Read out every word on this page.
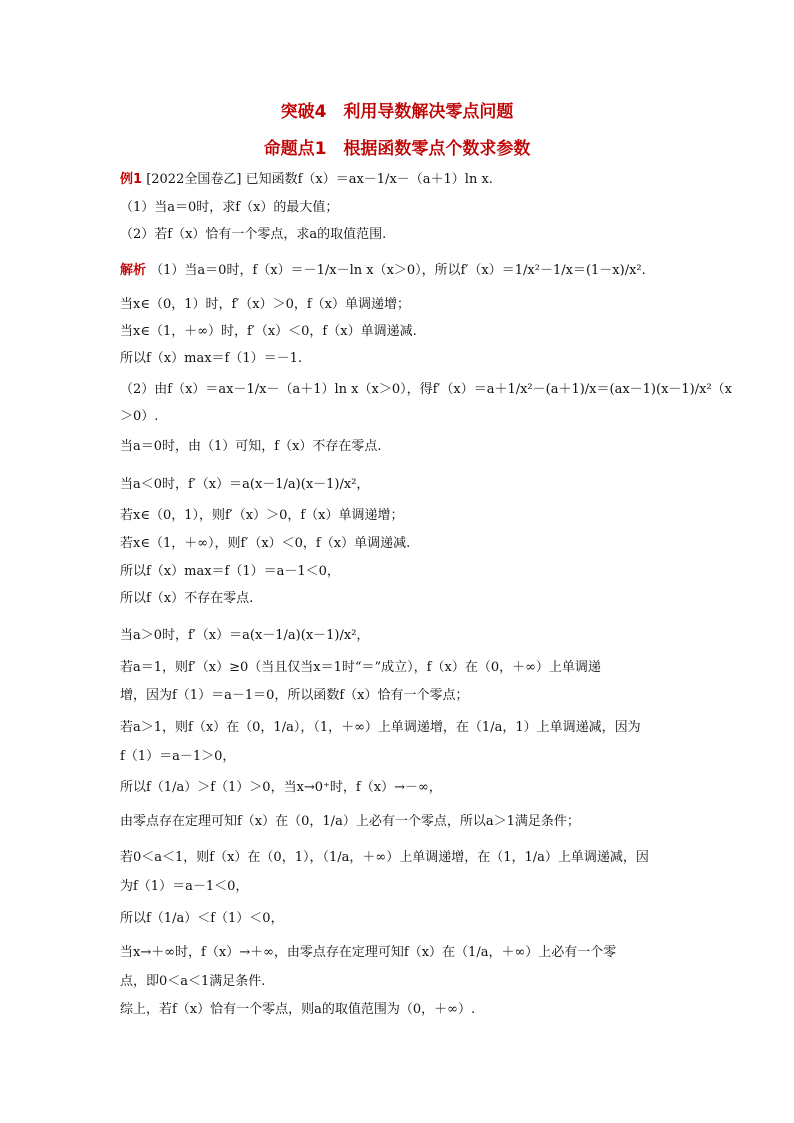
突破4　利用导数解决零点问题
命题点1　根据函数零点个数求参数
例1 [2022全国卷乙] 已知函数f（x）＝ax－1/x－（a＋1）ln x.
（1）当a＝0时，求f（x）的最大值；
（2）若f（x）恰有一个零点，求a的取值范围.
解析 （1）当a＝0时，f（x）＝－1/x－ln x（x＞0），所以f′（x）＝1/x²－1/x＝(1－x)/x².
当x∈（0，1）时，f′（x）＞0，f（x）单调递增；
当x∈（1，＋∞）时，f′（x）＜0，f（x）单调递减.
所以f（x）max＝f（1）＝－1.
（2）由f（x）＝ax－1/x－（a＋1）ln x（x＞0），得f′（x）＝a＋1/x²－(a＋1)/x＝(ax－1)(x－1)/x²（x
＞0）.
当a＝0时，由（1）可知，f（x）不存在零点.
当a＜0时，f′（x）＝a(x－1/a)(x－1)/x²，
若x∈（0，1），则f′（x）＞0，f（x）单调递增；
若x∈（1，＋∞），则f′（x）＜0，f（x）单调递减.
所以f（x）max＝f（1）＝a－1＜0，
所以f（x）不存在零点.
当a＞0时，f′（x）＝a(x－1/a)(x－1)/x²，
若a＝1，则f′（x）≥0（当且仅当x＝1时“＝”成立），f（x）在（0，＋∞）上单调递
增，因为f（1）＝a－1＝0，所以函数f（x）恰有一个零点；
若a＞1，则f（x）在（0，1/a），（1，＋∞）上单调递增，在（1/a，1）上单调递减，因为
f（1）＝a－1＞0，
所以f（1/a）＞f（1）＞0，当x→0⁺时，f（x）→－∞，
由零点存在定理可知f（x）在（0，1/a）上必有一个零点，所以a＞1满足条件；
若0＜a＜1，则f（x）在（0，1），（1/a，＋∞）上单调递增，在（1，1/a）上单调递减，因
为f（1）＝a－1＜0，
所以f（1/a）＜f（1）＜0，
当x→＋∞时，f（x）→＋∞，由零点存在定理可知f（x）在（1/a，＋∞）上必有一个零
点，即0＜a＜1满足条件.
综上，若f（x）恰有一个零点，则a的取值范围为（0，＋∞）.
